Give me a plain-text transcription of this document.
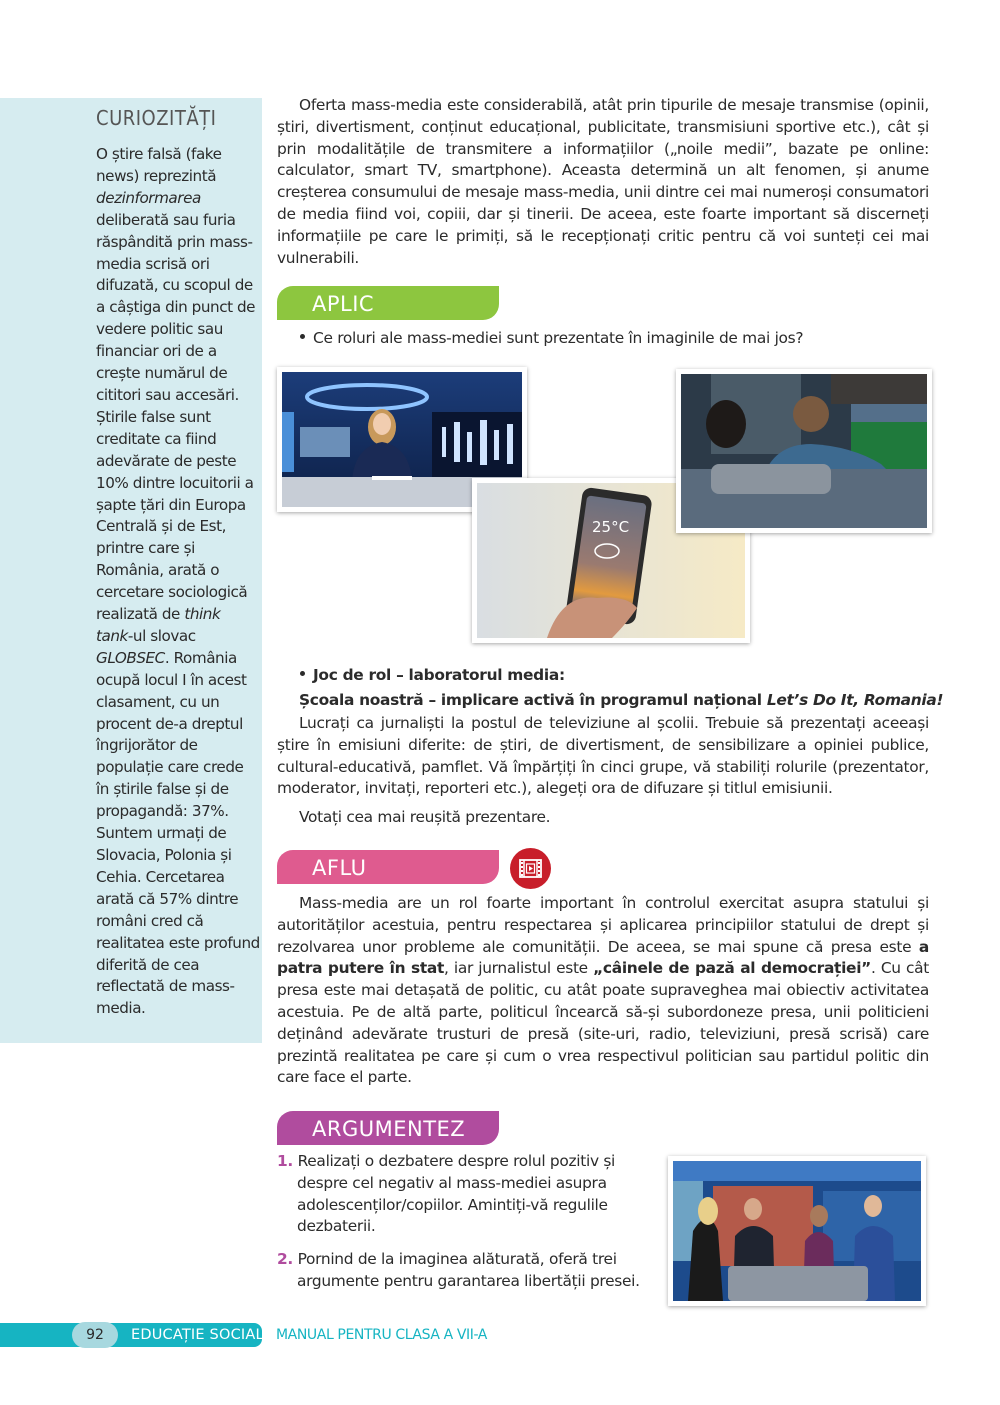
CURIOZITĂȚI

O știre falsă (fake news) reprezintă dezinformarea deliberată sau furia răspândită prin mass-media scrisă ori difuzată, cu scopul de a câștiga din punct de vedere politic sau financiar ori de a crește numărul de cititori sau accesări. Știrile false sunt creditate ca fiind adevărate de peste 10% dintre locuitorii a șapte țări din Europa Centrală și de Est, printre care și România, arată o cercetare sociologică realizată de think tank-ul slovac GLOBSEC. România ocupă locul I în acest clasament, cu un procent de-a dreptul îngrijorător de populație care crede în știrile false și de propagandă: 37%. Suntem urmați de Slovacia, Polonia și Cehia. Cercetarea arată că 57% dintre români cred că realitatea este profund diferită de cea reflectată de mass-media.

Oferta mass-media este considerabilă, atât prin tipurile de mesaje transmise (opinii, știri, divertisment, conținut educațional, publicitate, transmisiuni sportive etc.), cât și prin modalitățile de transmitere a informațiilor („noile medii”, bazate pe online: calculator, smart TV, smartphone). Aceasta determină un alt fenomen, și anume creșterea consumului de mesaje mass-media, unii dintre cei mai numeroși consumatori de media fiind voi, copiii, dar și tinerii. De aceea, este foarte important să discerneți informațiile pe care le primiți, să le recepționați critic pentru că voi sunteți cei mai vulnerabili.

APLIC
Ce roluri ale mass-mediei sunt prezentate în imaginile de mai jos?
25°C
Joc de rol – laboratorul media:
Școala noastră – implicare activă în programul național Let’s Do It, Romania!

Lucrați ca jurnaliști la postul de televiziune al școlii. Trebuie să prezentați aceeași știre în emisiuni diferite: de știri, de divertisment, de sensibilizare a opiniei publice, cultural-educativă, pamflet. Vă împărțiți în cinci grupe, vă stabiliți rolurile (prezentator, moderator, invitați, reporteri etc.), alegeți ora de difuzare și titlul emisiunii.

Votați cea mai reușită prezentare.

AFLU

Mass-media are un rol foarte important în controlul exercitat asupra statului și autorităților acestuia, pentru respectarea și aplicarea principiilor statului de drept și rezolvarea unor probleme ale comunității. De aceea, se mai spune că presa este a patra putere în stat, iar jurnalistul este „câinele de pază al democrației”. Cu cât presa este mai detașată de politic, cu atât poate supraveghea mai obiectiv activitatea acestuia. Pe de altă parte, politicul încearcă să-și subordoneze presa, unii politicieni deținând adevărate trusturi de presă (site-uri, radio, televiziuni, presă scrisă) care prezintă realitatea pe care și cum o vrea respectivul politician sau partidul politic din care face el parte.

ARGUMENTEZ
1. Realizați o dezbatere despre rolul pozitiv și despre cel negativ al mass-mediei asupra adolescenților/copiilor. Amintiți-vă regulile dezbaterii.
2. Pornind de la imaginea alăturată, oferă trei argumente pentru garantarea libertății presei.
92	EDUCAȚIE SOCIALĂ MANUAL PENTRU CLASA A VII-A
